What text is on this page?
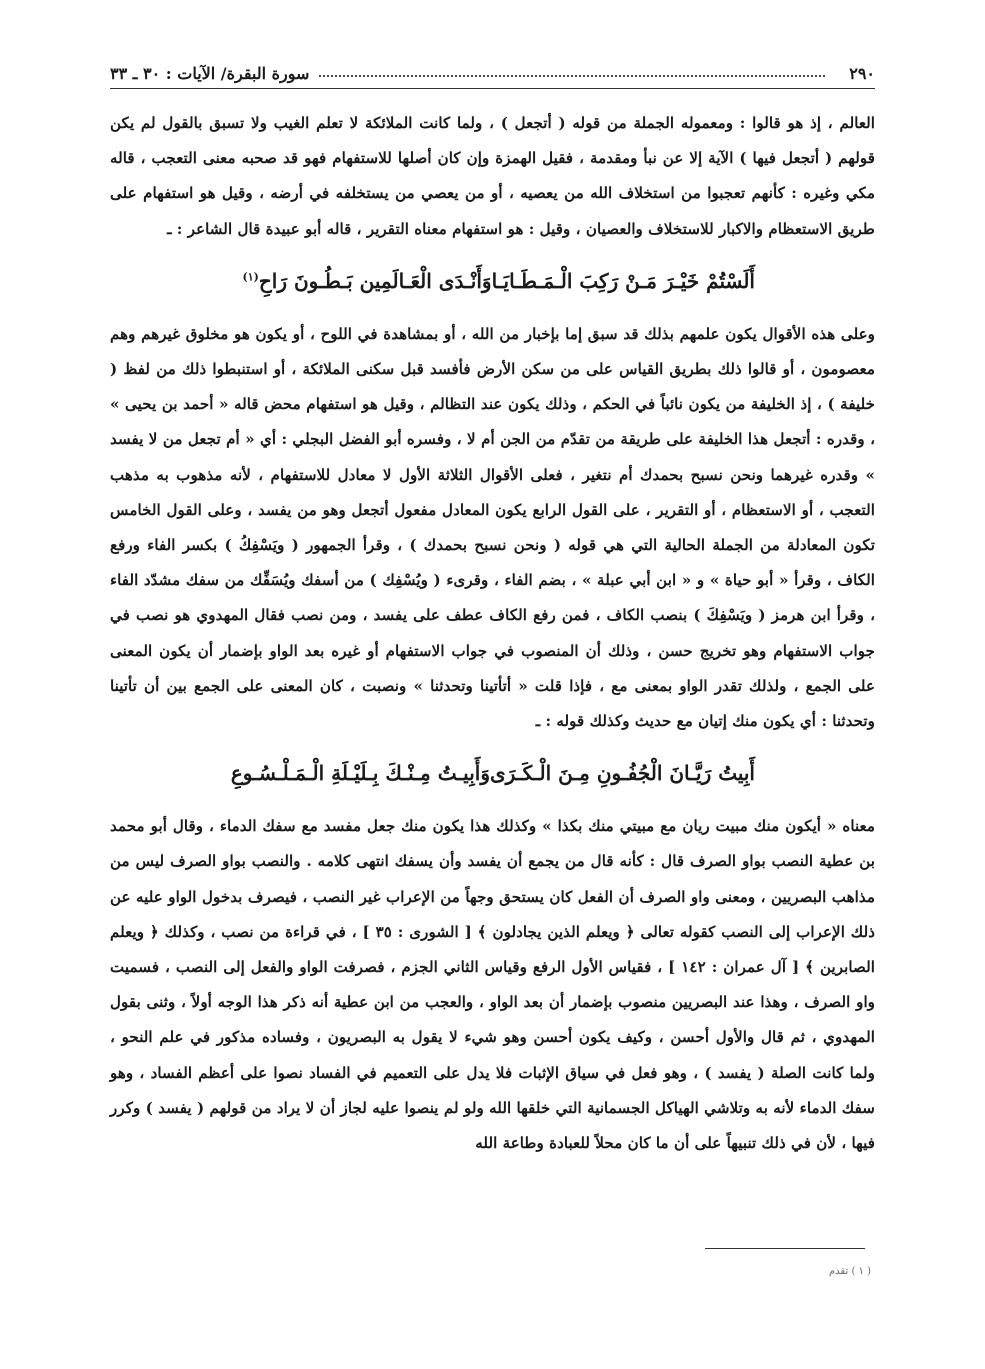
٢٩٠
سورة البقرة/ الآيات : ٣٠ ـ ٣٣

العالم ، إذ هو قالوا : ومعموله الجملة من قوله ( أتجعل ) ، ولما كانت الملائكة لا تعلم الغيب ولا تسبق بالقول لم يكن قولهم ( أتجعل فيها ) الآية إلا عن نبأ ومقدمة ، فقيل الهمزة وإن كان أصلها للاستفهام فهو قد صحبه معنى التعجب ، قاله مكي وغيره : كأنهم تعجبوا من استخلاف الله من يعصيه ، أو من يعصي من يستخلفه في أرضه ، وقيل هو استفهام على طريق الاستعظام والاكبار للاستخلاف والعصيان ، وقيل : هو استفهام معناه التقرير ، قاله أبو عبيدة قال الشاعر : ـ

أَلَسْتُمْ خَيْـرَ مَـنْ رَكِبَ الْـمَـطَـايَـا
وَأَنْـدَى الْعَـالَمِين بَـطُـونَ رَاحِ$^{(١)}$

وعلى هذه الأقوال يكون علمهم بذلك قد سبق إما بإخبار من الله ، أو بمشاهدة في اللوح ، أو يكون هو مخلوق غيرهم وهم معصومون ، أو قالوا ذلك بطريق القياس على من سكن الأرض فأفسد قبل سكنى الملائكة ، أو استنبطوا ذلك من لفظ ( خليفة ) ، إذ الخليفة من يكون نائباً في الحكم ، وذلك يكون عند التظالم ، وقيل هو استفهام محض قاله « أحمد بن يحيى » ، وقدره : أتجعل هذا الخليفة على طريقة من تقدّم من الجن أم لا ، وفسره أبو الفضل البجلي : أي « أم تجعل من لا يفسد » وقدره غيرهما ونحن نسبح بحمدك أم نتغير ، فعلى الأقوال الثلاثة الأول لا معادل للاستفهام ، لأنه مذهوب به مذهب التعجب ، أو الاستعظام ، أو التقرير ، على القول الرابع يكون المعادل مفعول أتجعل وهو من يفسد ، وعلى القول الخامس تكون المعادلة من الجملة الحالية التي هي قوله ( ونحن نسبح بحمدك ) ، وقرأ الجمهور ( ويَسْفِكُ ) بكسر الفاء ورفع الكاف ، وقرأ « أبو حياة » و « ابن أبي عبلة » ، بضم الفاء ، وقرىء ( ويُسْفِك ) من أسفك ويُسَفِّك من سفك مشدّد الفاء ، وقرأ ابن هرمز ( ويَسْفِكَ ) بنصب الكاف ، فمن رفع الكاف عطف على يفسد ، ومن نصب فقال المهدوي هو نصب في جواب الاستفهام وهو تخريج حسن ، وذلك أن المنصوب في جواب الاستفهام أو غيره بعد الواو بإضمار أن يكون المعنى على الجمع ، ولذلك تقدر الواو بمعنى مع ، فإذا قلت « أتأتينا وتحدثنا » ونصبت ، كان المعنى على الجمع بين أن تأتينا وتحدثنا : أي يكون منك إتيان مع حديث وكذلك قوله : ـ

أَبِيتُ رَيَّـانَ الْجُفُـونِ مِـنَ الْـكَـرَى
وَأَبِيـتُ مِـنْـكَ بِـلَيْـلَةِ الْـمَـلْـسُـوعِ

معناه « أيكون منك مبيت ريان مع مبيتي منك بكذا » وكذلك هذا يكون منك جعل مفسد مع سفك الدماء ، وقال أبو محمد بن عطية النصب بواو الصرف قال : كأنه قال من يجمع أن يفسد وأن يسفك انتهى كلامه . والنصب بواو الصرف ليس من مذاهب البصريين ، ومعنى واو الصرف أن الفعل كان يستحق وجهاً من الإعراب غير النصب ، فيصرف بدخول الواو عليه عن ذلك الإعراب إلى النصب كقوله تعالى ﴿ ويعلم الذين يجادلون ﴾ [ الشورى : ٣٥ ] ، في قراءة من نصب ، وكذلك ﴿ ويعلم الصابرين ﴾ [ آل عمران : ١٤٢ ] ، فقياس الأول الرفع وقياس الثاني الجزم ، فصرفت الواو والفعل إلى النصب ، فسميت واو الصرف ، وهذا عند البصريين منصوب بإضمار أن بعد الواو ، والعجب من ابن عطية أنه ذكر هذا الوجه أولاً ، وثنى بقول المهدوي ، ثم قال والأول أحسن ، وكيف يكون أحسن وهو شيء لا يقول به البصريون ، وفساده مذكور في علم النحو ، ولما كانت الصلة ( يفسد ) ، وهو فعل في سياق الإثبات فلا يدل على التعميم في الفساد نصوا على أعظم الفساد ، وهو سفك الدماء لأنه به وتلاشي الهياكل الجسمانية التي خلقها الله ولو لم ينصوا عليه لجاز أن لا يراد من قولهم ( يفسد ) وكرر فيها ، لأن في ذلك تنبيهاً على أن ما كان محلاً للعبادة وطاعة الله

( ١ ) تقدم
